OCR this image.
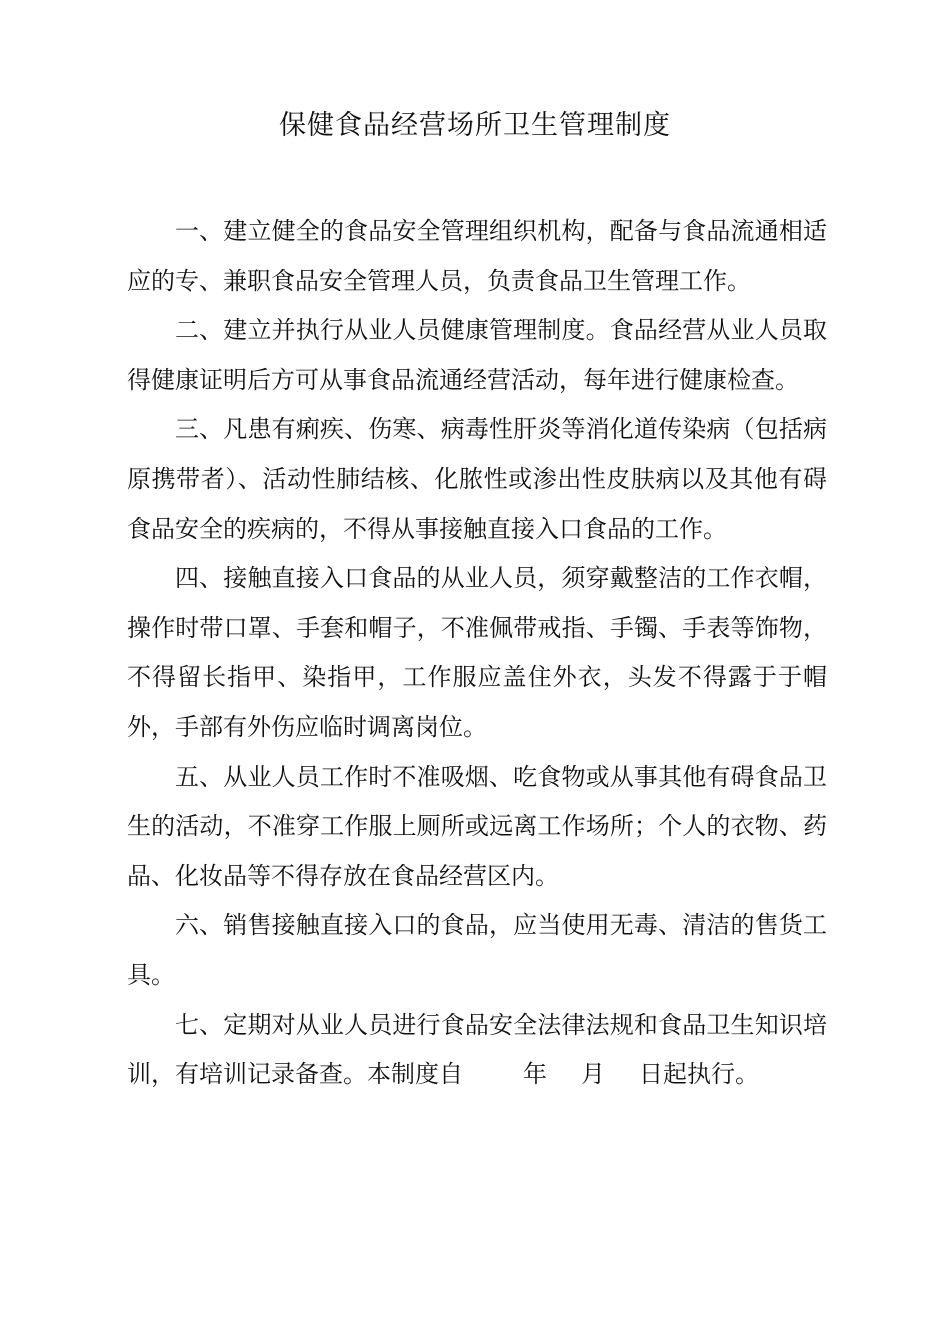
保健食品经营场所卫生管理制度

一、建立健全的食品安全管理组织机构，配备与食品流通相适应的专、兼职食品安全管理人员，负责食品卫生管理工作。

二、建立并执行从业人员健康管理制度。食品经营从业人员取得健康证明后方可从事食品流通经营活动，每年进行健康检查。

三、凡患有痢疾、伤寒、病毒性肝炎等消化道传染病（包括病原携带者）、活动性肺结核、化脓性或渗出性皮肤病以及其他有碍食品安全的疾病的，不得从事接触直接入口食品的工作。

四、接触直接入口食品的从业人员，须穿戴整洁的工作衣帽，操作时带口罩、手套和帽子，不准佩带戒指、手镯、手表等饰物，不得留长指甲、染指甲，工作服应盖住外衣，头发不得露于于帽外，手部有外伤应临时调离岗位。

五、从业人员工作时不准吸烟、吃食物或从事其他有碍食品卫生的活动，不准穿工作服上厕所或远离工作场所；个人的衣物、药品、化妆品等不得存放在食品经营区内。

六、销售接触直接入口的食品，应当使用无毒、清洁的售货工具。

七、定期对从业人员进行食品安全法律法规和食品卫生知识培训，有培训记录备查。本制度自	年 月 日起执行。
